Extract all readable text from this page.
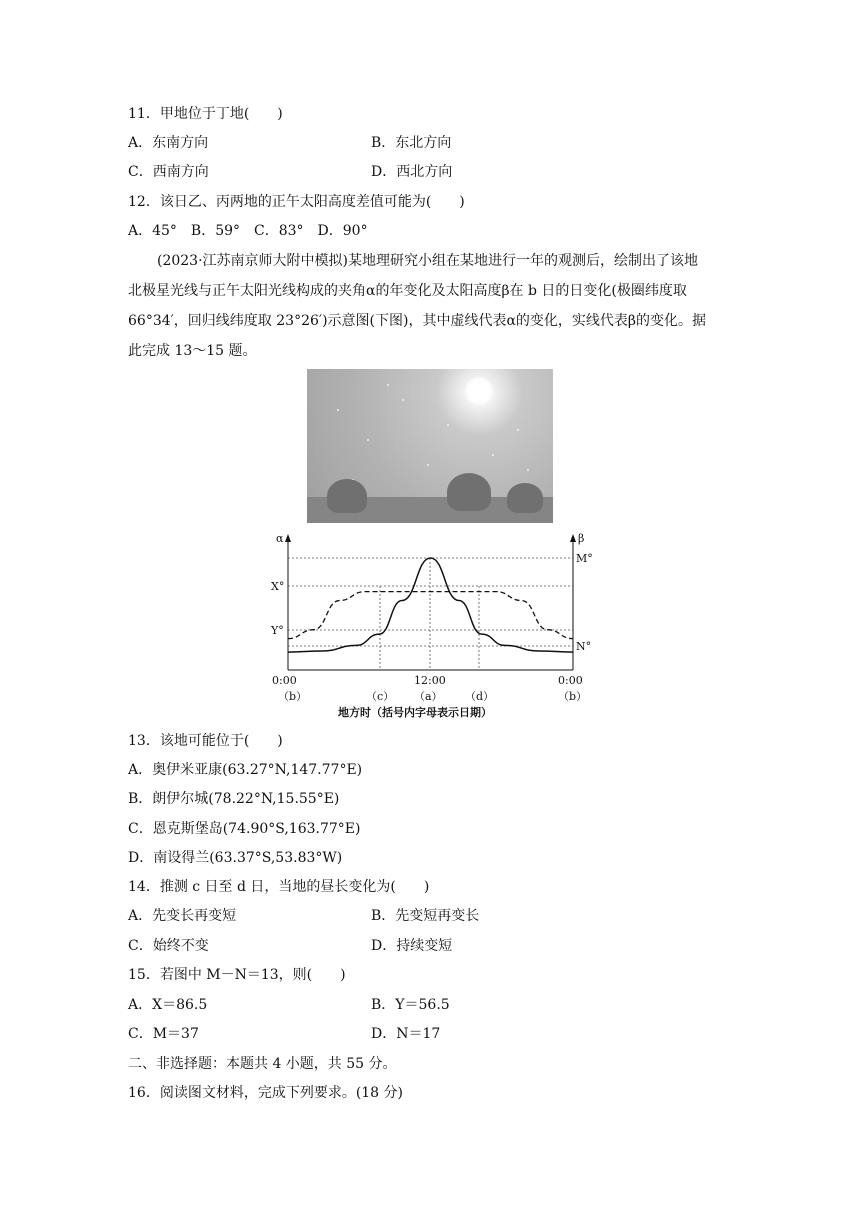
11．甲地位于丁地(　　)
A．东南方向	B．东北方向
C．西南方向	D．西北方向
12．该日乙、丙两地的正午太阳高度差值可能为(　　)
A．45°　B．59°　C．83°　D．90°
(2023·江苏南京师大附中模拟)某地理研究小组在某地进行一年的观测后，绘制出了该地
北极星光线与正午太阳光线构成的夹角α的年变化及太阳高度β在 b 日的日变化(极圈纬度取
66°34′，回归线纬度取 23°26′)示意图(下图)，其中虚线代表α的变化，实线代表β的变化。据
此完成 13～15 题。
α	β
X°
Y°
M°
N°
0:00	12:00	0:00
（b）	（c） （a） （d）	（b）
地方时（括号内字母表示日期）
13．该地可能位于(　　)
A．奥伊米亚康(63.27°N,147.77°E)
B．朗伊尔城(78.22°N,15.55°E)
C．恩克斯堡岛(74.90°S,163.77°E)
D．南设得兰(63.37°S,53.83°W)
14．推测 c 日至 d 日，当地的昼长变化为(　　)
A．先变长再变短	B．先变短再变长
C．始终不变	D．持续变短
15．若图中 M－N＝13，则(　　)
A．X＝86.5	B．Y＝56.5
C．M＝37	D．N＝17
二、非选择题：本题共 4 小题，共 55 分。
16．阅读图文材料，完成下列要求。(18 分)
